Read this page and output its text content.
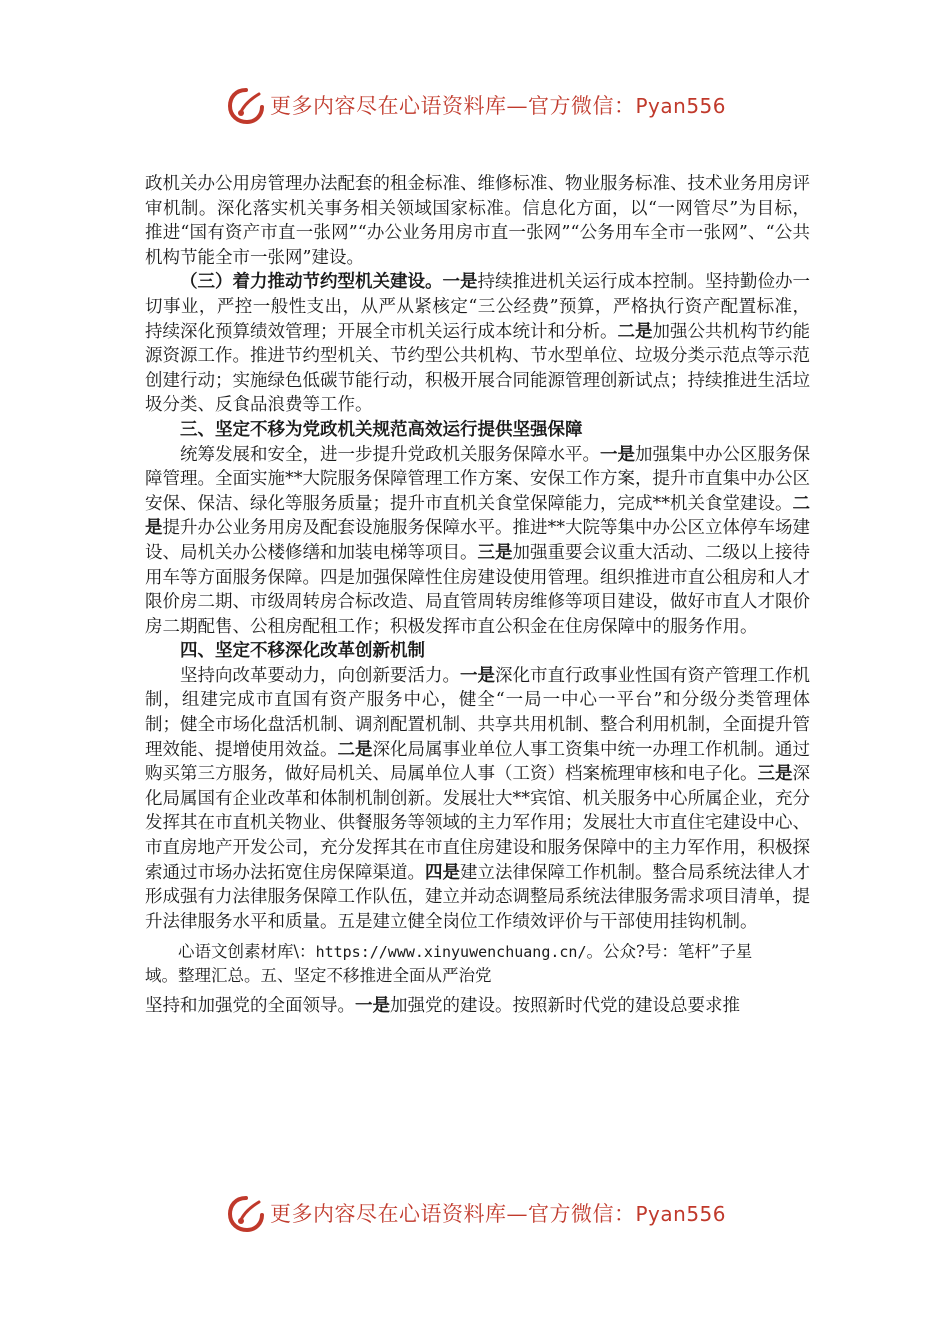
更多内容尽在心语资料库—官方微信：Pyan556

政机关办公用房管理办法配套的租金标准、维修标准、物业服务标准、技术业务用房评审机制。深化落实机关事务相关领域国家标准。信息化方面，以“一网管尽”为目标，推进“国有资产市直一张网”“办公业务用房市直一张网”“公务用车全市一张网”、“公共机构节能全市一张网”建设。

（三）着力推动节约型机关建设。一是持续推进机关运行成本控制。坚持勤俭办一切事业，严控一般性支出，从严从紧核定“三公经费”预算，严格执行资产配置标准，持续深化预算绩效管理；开展全市机关运行成本统计和分析。二是加强公共机构节约能源资源工作。推进节约型机关、节约型公共机构、节水型单位、垃圾分类示范点等示范创建行动；实施绿色低碳节能行动，积极开展合同能源管理创新试点；持续推进生活垃圾分类、反食品浪费等工作。

三、坚定不移为党政机关规范高效运行提供坚强保障

统筹发展和安全，进一步提升党政机关服务保障水平。一是加强集中办公区服务保障管理。全面实施**大院服务保障管理工作方案、安保工作方案，提升市直集中办公区安保、保洁、绿化等服务质量；提升市直机关食堂保障能力，完成**机关食堂建设。二是提升办公业务用房及配套设施服务保障水平。推进**大院等集中办公区立体停车场建设、局机关办公楼修缮和加装电梯等项目。三是加强重要会议重大活动、二级以上接待用车等方面服务保障。四是加强保障性住房建设使用管理。组织推进市直公租房和人才限价房二期、市级周转房合标改造、局直管周转房维修等项目建设，做好市直人才限价房二期配售、公租房配租工作；积极发挥市直公积金在住房保障中的服务作用。

四、坚定不移深化改革创新机制

坚持向改革要动力，向创新要活力。一是深化市直行政事业性国有资产管理工作机制，组建完成市直国有资产服务中心，健全“一局一中心一平台”和分级分类管理体制；健全市场化盘活机制、调剂配置机制、共享共用机制、整合利用机制，全面提升管理效能、提增使用效益。二是深化局属事业单位人事工资集中统一办理工作机制。通过购买第三方服务，做好局机关、局属单位人事（工资）档案梳理审核和电子化。三是深化局属国有企业改革和体制机制创新。发展壮大**宾馆、机关服务中心所属企业，充分发挥其在市直机关物业、供餐服务等领域的主力军作用；发展壮大市直住宅建设中心、市直房地产开发公司，充分发挥其在市直住房建设和服务保障中的主力军作用，积极探索通过市场办法拓宽住房保障渠道。四是建立法律保障工作机制。整合局系统法律人才形成强有力法律服务保障工作队伍，建立并动态调整局系统法律服务需求项目清单，提升法律服务水平和质量。五是建立健全岗位工作绩效评价与干部使用挂钩机制。

心语文创素材库\：https://www.xinyuwenchuang.cn/。公众?号：笔杆”子星域。整理汇总。五、坚定不移推进全面从严治党

坚持和加强党的全面领导。一是加强党的建设。按照新时代党的建设总要求推

更多内容尽在心语资料库—官方微信：Pyan556
